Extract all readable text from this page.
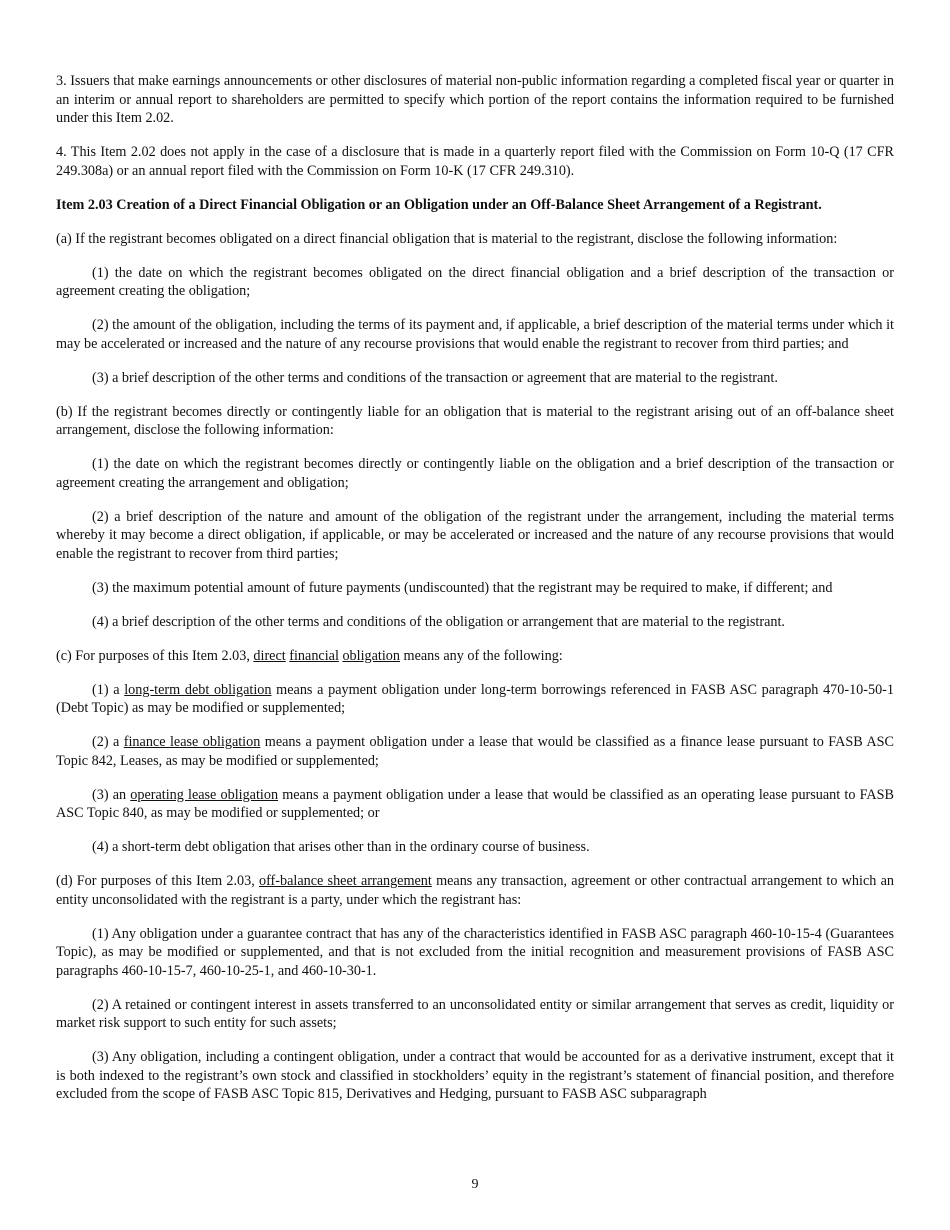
3. Issuers that make earnings announcements or other disclosures of material non-public information regarding a completed fiscal year or quarter in an interim or annual report to shareholders are permitted to specify which portion of the report contains the information required to be furnished under this Item 2.02.

4. This Item 2.02 does not apply in the case of a disclosure that is made in a quarterly report filed with the Commission on Form 10-Q (17 CFR 249.308a) or an annual report filed with the Commission on Form 10-K (17 CFR 249.310).

Item 2.03 Creation of a Direct Financial Obligation or an Obligation under an Off-Balance Sheet Arrangement of a Registrant.

(a) If the registrant becomes obligated on a direct financial obligation that is material to the registrant, disclose the following information:

(1) the date on which the registrant becomes obligated on the direct financial obligation and a brief description of the transaction or agreement creating the obligation;

(2) the amount of the obligation, including the terms of its payment and, if applicable, a brief description of the material terms under which it may be accelerated or increased and the nature of any recourse provisions that would enable the registrant to recover from third parties; and

(3) a brief description of the other terms and conditions of the transaction or agreement that are material to the registrant.

(b) If the registrant becomes directly or contingently liable for an obligation that is material to the registrant arising out of an off-balance sheet arrangement, disclose the following information:

(1) the date on which the registrant becomes directly or contingently liable on the obligation and a brief description of the transaction or agreement creating the arrangement and obligation;

(2) a brief description of the nature and amount of the obligation of the registrant under the arrangement, including the material terms whereby it may become a direct obligation, if applicable, or may be accelerated or increased and the nature of any recourse provisions that would enable the registrant to recover from third parties;

(3) the maximum potential amount of future payments (undiscounted) that the registrant may be required to make, if different; and

(4) a brief description of the other terms and conditions of the obligation or arrangement that are material to the registrant.

(c) For purposes of this Item 2.03, direct financial obligation means any of the following:

(1) a long-term debt obligation means a payment obligation under long-term borrowings referenced in FASB ASC paragraph 470-10-50-1 (Debt Topic) as may be modified or supplemented;

(2) a finance lease obligation means a payment obligation under a lease that would be classified as a finance lease pursuant to FASB ASC Topic 842, Leases, as may be modified or supplemented;

(3) an operating lease obligation means a payment obligation under a lease that would be classified as an operating lease pursuant to FASB ASC Topic 840, as may be modified or supplemented; or

(4) a short-term debt obligation that arises other than in the ordinary course of business.

(d) For purposes of this Item 2.03, off-balance sheet arrangement means any transaction, agreement or other contractual arrangement to which an entity unconsolidated with the registrant is a party, under which the registrant has:

(1) Any obligation under a guarantee contract that has any of the characteristics identified in FASB ASC paragraph 460-10-15-4 (Guarantees Topic), as may be modified or supplemented, and that is not excluded from the initial recognition and measurement provisions of FASB ASC paragraphs 460-10-15-7, 460-10-25-1, and 460-10-30-1.

(2) A retained or contingent interest in assets transferred to an unconsolidated entity or similar arrangement that serves as credit, liquidity or market risk support to such entity for such assets;

(3) Any obligation, including a contingent obligation, under a contract that would be accounted for as a derivative instrument, except that it is both indexed to the registrant’s own stock and classified in stockholders’ equity in the registrant’s statement of financial position, and therefore excluded from the scope of FASB ASC Topic 815, Derivatives and Hedging, pursuant to FASB ASC subparagraph

9
